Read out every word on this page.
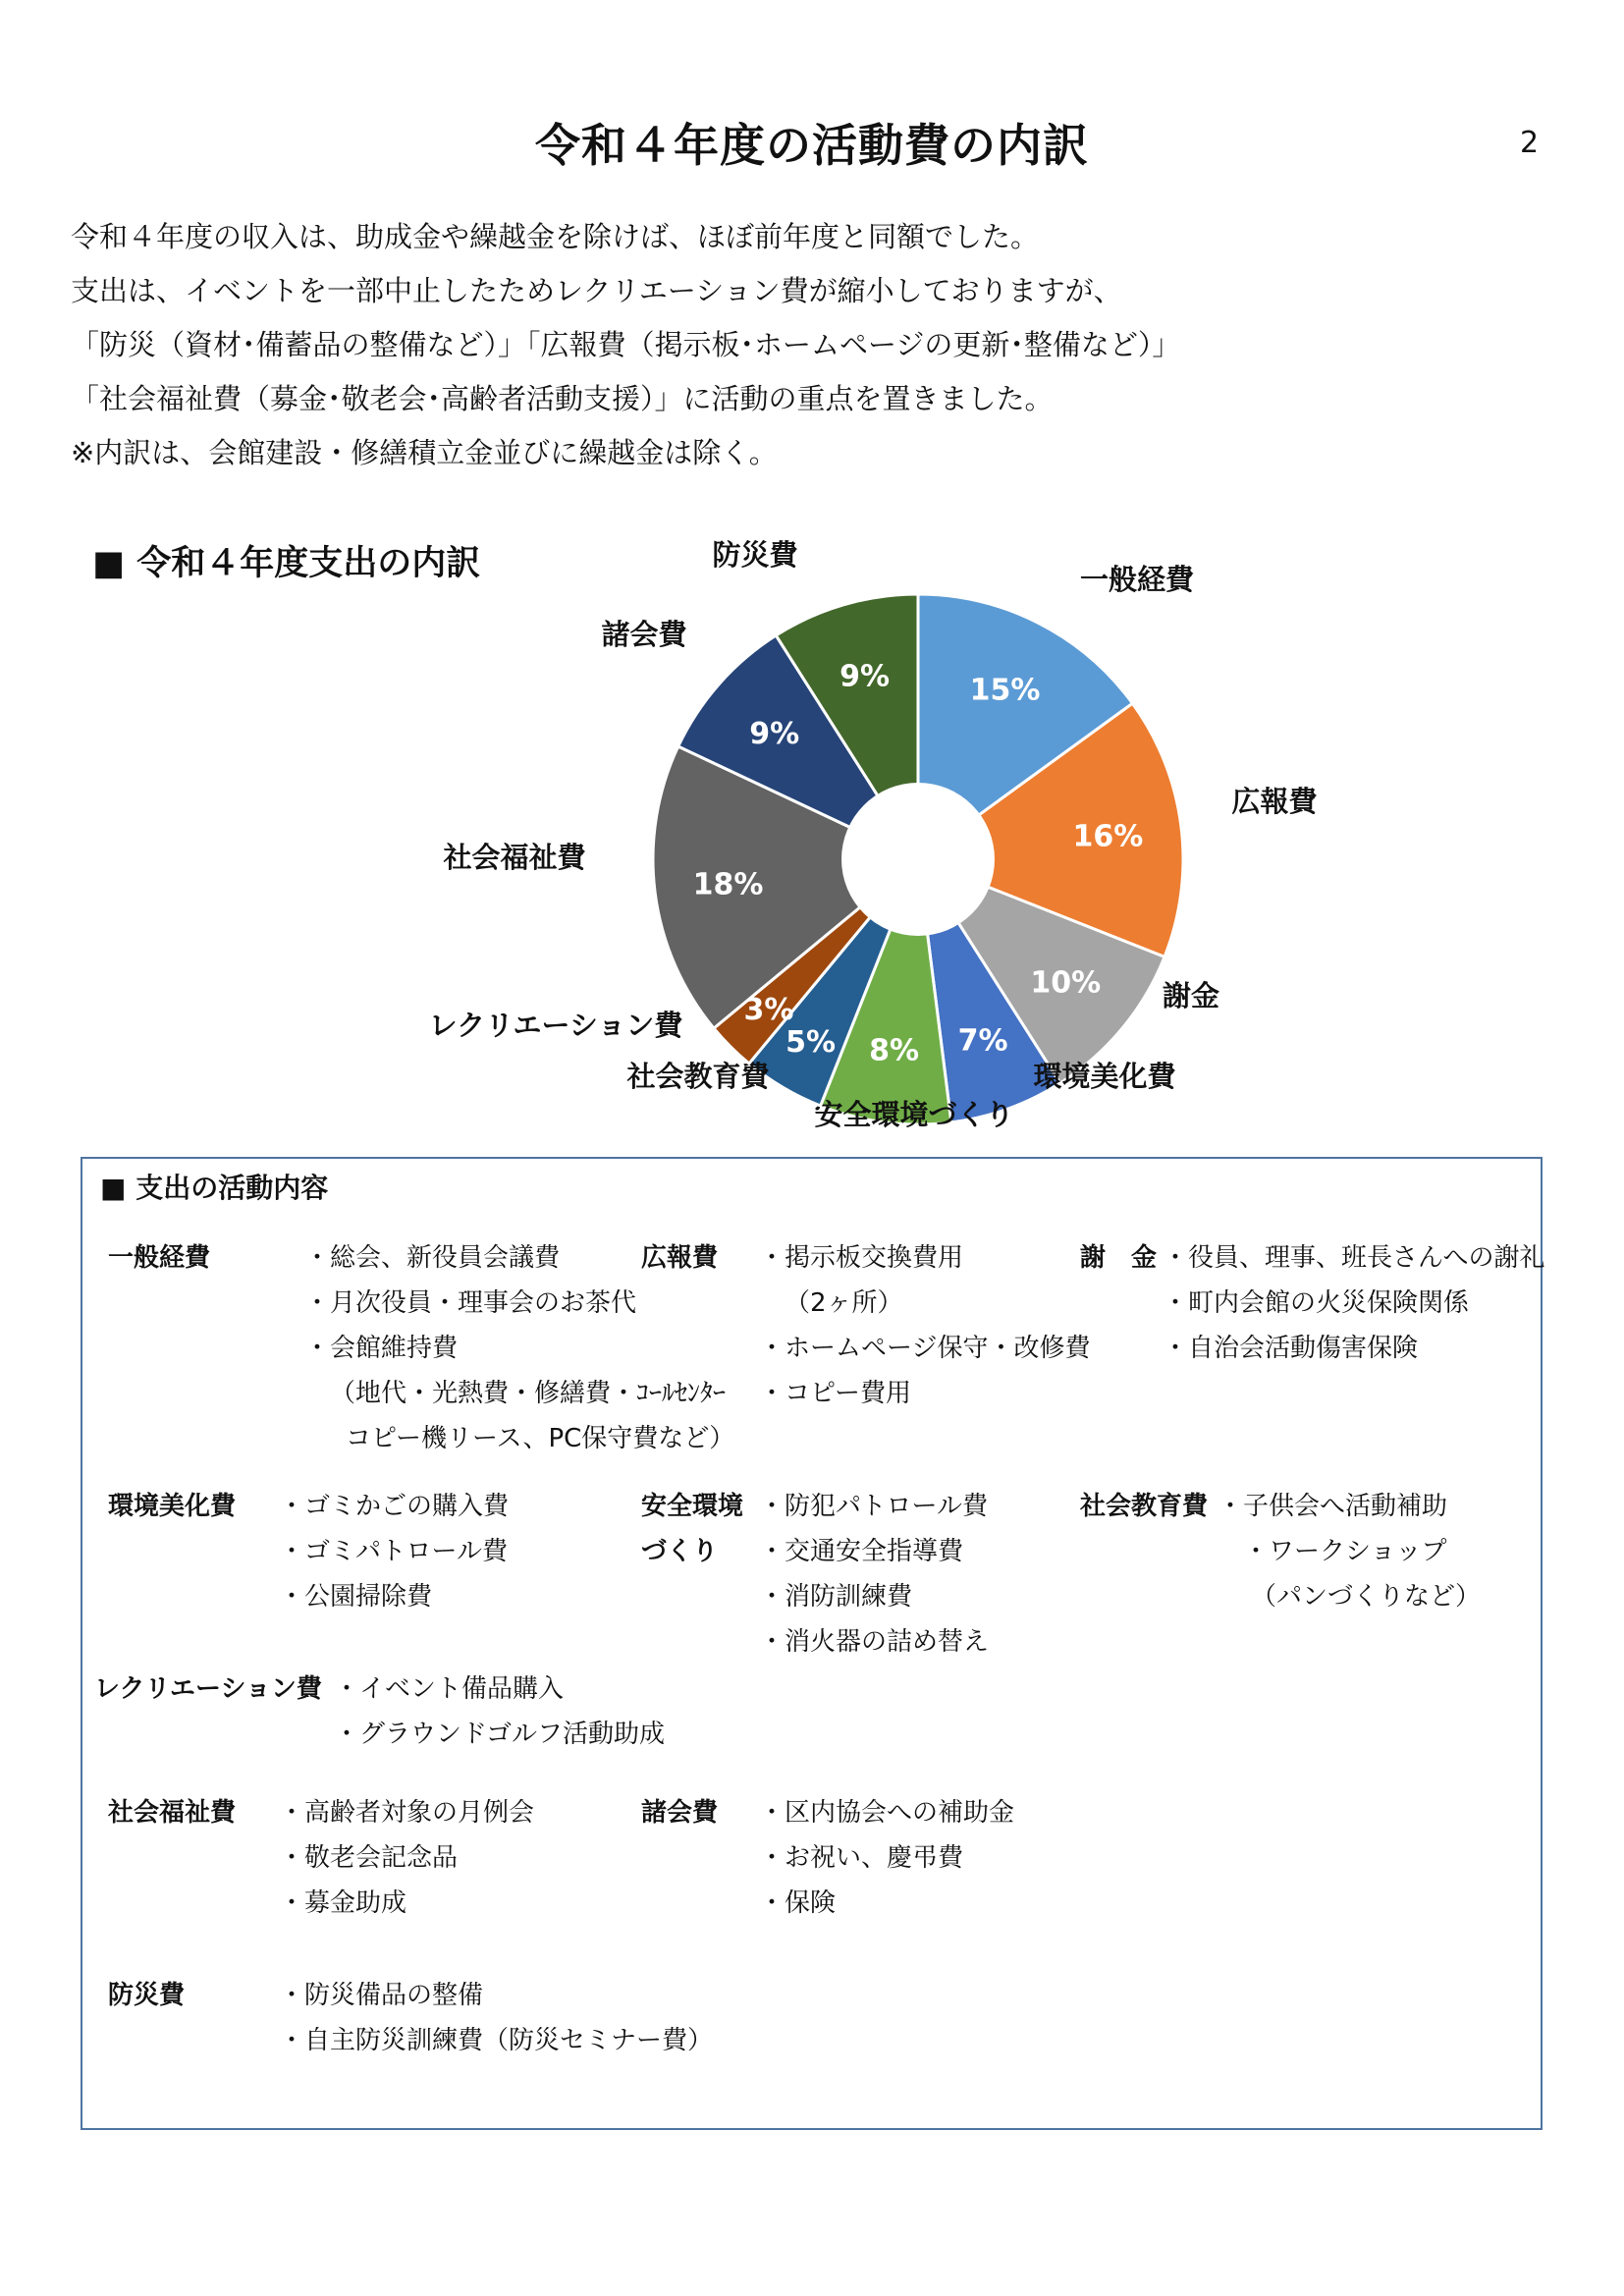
令和４年度の活動費の内訳	2
令和４年度の収入は、助成金や繰越金を除けば、ほぼ前年度と同額でした。
支出は、イベントを一部中止したためレクリエーション費が縮小しておりますが、
「防災（資材･備蓄品の整備など）」｢広報費（掲示板･ホームページの更新･整備など）」
「社会福祉費（募金･敬老会･高齢者活動支援）」に活動の重点を置きました。
※内訳は、会館建設・修繕積立金並びに繰越金は除く。
■ 令和４年度支出の内訳
15%
一般経費
16%
広報費
10% 謝金
7%
環境美化費
8%
安全環境づくり
5%
社会教育費
3%
レクリエーション費
18%
社会福祉費
9%
諸会費
9%
防災費
■ 支出の活動内容
一般経費	・総会、新役員会議費
・月次役員・理事会のお茶代
・会館維持費
（地代・光熱費・修繕費・ｺｰﾙｾﾝﾀｰ
コピー機リース、PC保守費など）
広報費 ・掲示板交換費用
（2ヶ所）
・ホームページ保守・改修費
・コピー費用
謝　金 ・役員、理事、班長さんへの謝礼
・町内会館の火災保険関係
・自治会活動傷害保険
環境美化費 ・ゴミかごの購入費
・ゴミパトロール費
・公園掃除費
安全環境
づくり
・防犯パトロール費
・交通安全指導費
・消防訓練費
・消火器の詰め替え
社会教育費 ・子供会へ活動補助
・ワークショップ
（パンづくりなど）
レクリエーション費 ・イベント備品購入
・グラウンドゴルフ活動助成
社会福祉費 ・高齢者対象の月例会
・敬老会記念品
・募金助成
諸会費 ・区内協会への補助金
・お祝い、慶弔費
・保険
防災費	・防災備品の整備
・自主防災訓練費（防災セミナー費）
